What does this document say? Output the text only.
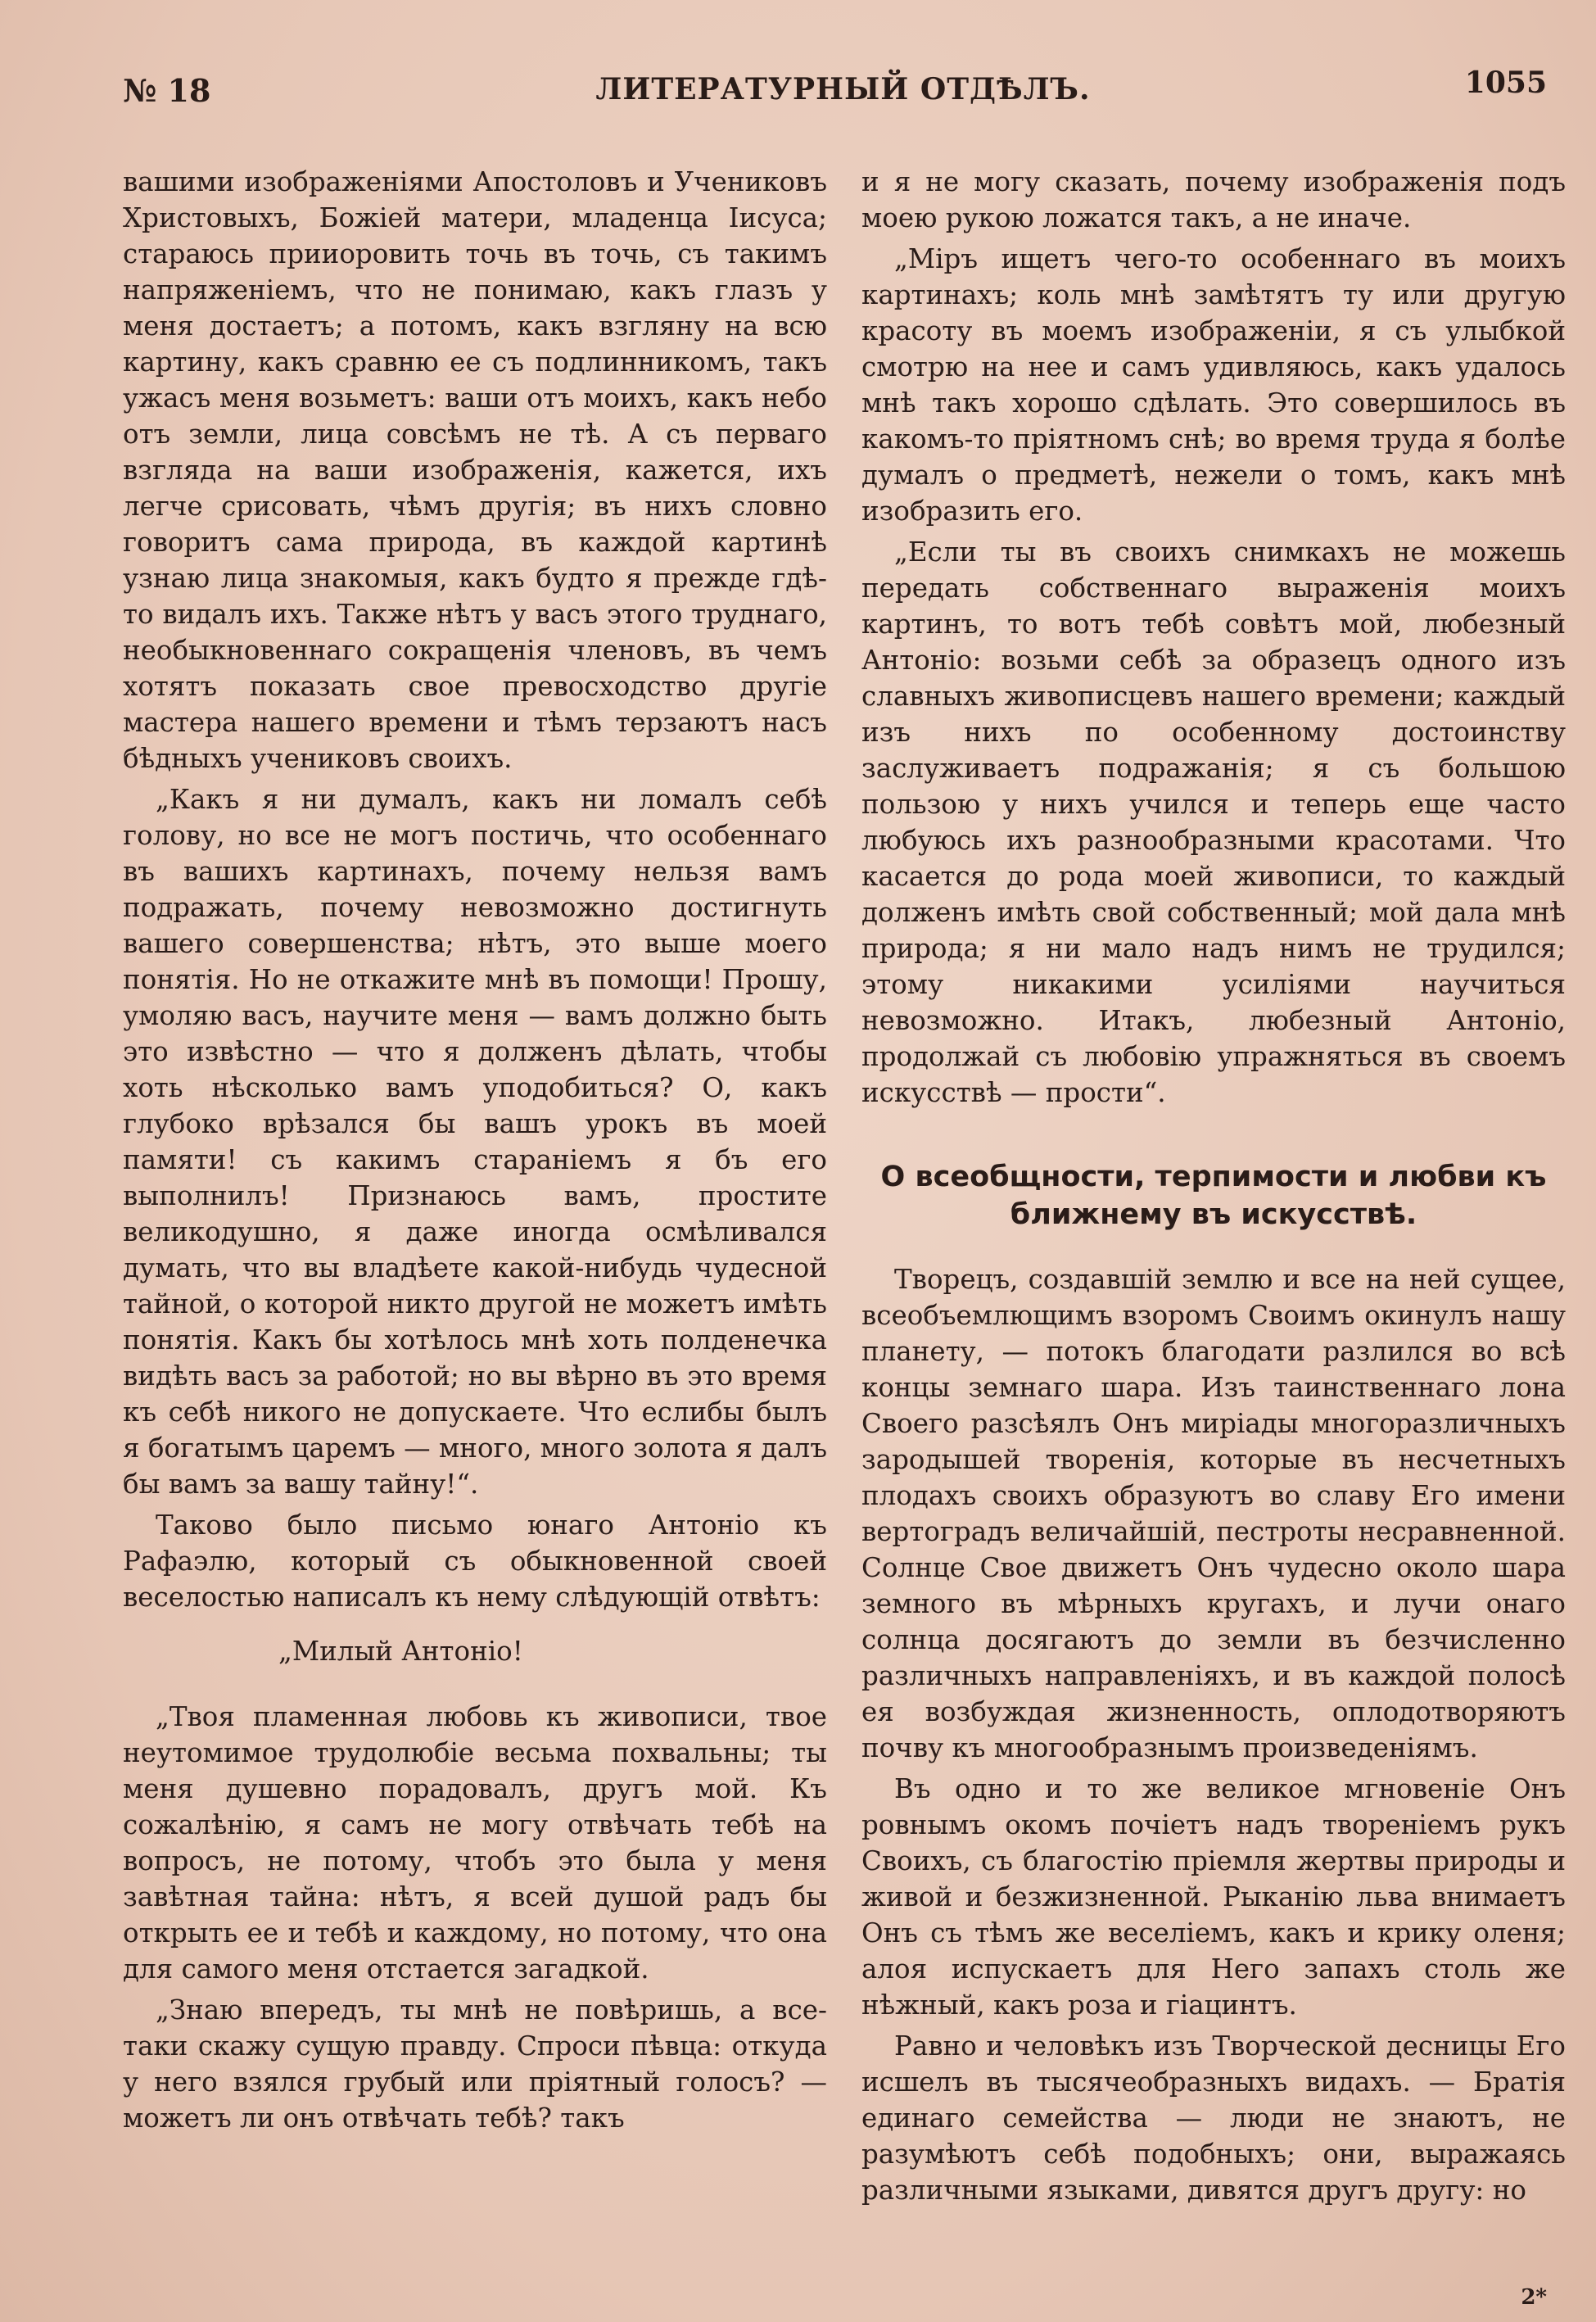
№ 18	ЛИТЕРАТУРНЫЙ ОТДѢЛЪ.	1055

вашими изображеніями Апостоловъ и Учениковъ Христовыхъ, Божіей матери, младенца Іисуса; стараюсь прииоровить точь въ точь, съ такимъ напряженіемъ, что не понимаю, какъ глазъ у меня достаетъ; а потомъ, какъ взгляну на всю картину, какъ сравню ее съ подлинникомъ, такъ ужасъ меня возьметъ: ваши отъ моихъ, какъ небо отъ земли, лица совсѣмъ не тѣ. А съ перваго взгляда на ваши изображенія, кажется, ихъ легче срисовать, чѣмъ другія; въ нихъ словно говоритъ сама природа, въ каждой картинѣ узнаю лица знакомыя, какъ будто я прежде гдѣ-то видалъ ихъ. Также нѣтъ у васъ этого труднаго, необыкновеннаго сокращенія членовъ, въ чемъ хотятъ показать свое превосходство другіе мастера нашего времени и тѣмъ терзаютъ насъ бѣдныхъ учениковъ своихъ.

„Какъ я ни думалъ, какъ ни ломалъ себѣ голову, но все не могъ постичь, что особеннаго въ вашихъ картинахъ, почему нельзя вамъ подражать, почему невозможно достигнуть вашего совершенства; нѣтъ, это выше моего понятія. Но не откажите мнѣ въ помощи! Прошу, умоляю васъ, научите меня — вамъ должно быть это извѣстно — что я долженъ дѣлать, чтобы хоть нѣсколько вамъ уподобиться? О, какъ глубоко врѣзался бы вашъ урокъ въ моей памяти! съ какимъ стараніемъ я бъ его выполнилъ! Признаюсь вамъ, простите великодушно, я даже иногда осмѣливался думать, что вы владѣете какой-нибудь чудесной тайной, о которой никто другой не можетъ имѣть понятія. Какъ бы хотѣлось мнѣ хоть полденечка видѣть васъ за работой; но вы вѣрно въ это время къ себѣ никого не допускаете. Что еслибы былъ я богатымъ царемъ — много, много золота я далъ бы вамъ за вашу тайну!“.

Таково было письмо юнаго Антоніо къ Рафаэлю, который съ обыкновенной своей веселостью написалъ къ нему слѣдующій отвѣтъ:

„Милый Антоніо!

„Твоя пламенная любовь къ живописи, твое неутомимое трудолюбіе весьма похвальны; ты меня душевно порадовалъ, другъ мой. Къ сожалѣнію, я самъ не могу отвѣчать тебѣ на вопросъ, не потому, чтобъ это была у меня завѣтная тайна: нѣтъ, я всей душой радъ бы открыть ее и тебѣ и каждому, но потому, что она для самого меня отстается загадкой.

„Знаю впередъ, ты мнѣ не повѣришь, а все-таки скажу сущую правду. Спроси пѣвца: откуда у него взялся грубый или пріятный голосъ? — можетъ ли онъ отвѣчать тебѣ? такъ

и я не могу сказать, почему изображенія подъ моею рукою ложатся такъ, а не иначе.

„Міръ ищетъ чего-то особеннаго въ моихъ картинахъ; коль мнѣ замѣтятъ ту или другую красоту въ моемъ изображеніи, я съ улыбкой смотрю на нее и самъ удивляюсь, какъ удалось мнѣ такъ хорошо сдѣлать. Это совершилось въ какомъ-то пріятномъ снѣ; во время труда я болѣе думалъ о предметѣ, нежели о томъ, какъ мнѣ изобразить его.

„Если ты въ своихъ снимкахъ не можешь передать собственнаго выраженія моихъ картинъ, то вотъ тебѣ совѣтъ мой, любезный Антоніо: возьми себѣ за образецъ одного изъ славныхъ живописцевъ нашего времени; каждый изъ нихъ по особенному достоинству заслуживаетъ подражанія; я съ большою пользою у нихъ учился и теперь еще часто любуюсь ихъ разнообразными красотами. Что касается до рода моей живописи, то каждый долженъ имѣть свой собственный; мой дала мнѣ природа; я ни мало надъ нимъ не трудился; этому никакими усиліями научиться невозможно. Итакъ, любезный Антоніо, продолжай съ любовію упражняться въ своемъ искусствѣ — прости“.

О всеобщности, терпимости и любви къ ближнему въ искусствѣ.

Творецъ, создавшій землю и все на ней сущее, всеобъемлющимъ взоромъ Своимъ окинулъ нашу планету, — потокъ благодати разлился во всѣ концы земнаго шара. Изъ таинственнаго лона Своего разсѣялъ Онъ миріады многоразличныхъ зародышей творенія, которые въ несчетныхъ плодахъ своихъ образуютъ во славу Его имени вертоградъ величайшій, пестроты несравненной. Солнце Свое движетъ Онъ чудесно около шара земного въ мѣрныхъ кругахъ, и лучи онаго солнца досягаютъ до земли въ безчисленно различныхъ направленіяхъ, и въ каждой полосѣ ея возбуждая жизненность, оплодотворяютъ почву къ многообразнымъ произведеніямъ.

Въ одно и то же великое мгновеніе Онъ ровнымъ окомъ почіетъ надъ твореніемъ рукъ Своихъ, съ благостію пріемля жертвы природы и живой и безжизненной. Рыканію льва внимаетъ Онъ съ тѣмъ же веселіемъ, какъ и крику оленя; алоя испускаетъ для Него запахъ столь же нѣжный, какъ роза и гіацинтъ.

Равно и человѣкъ изъ Творческой десницы Его исшелъ въ тысячеобразныхъ видахъ. — Братія единаго семейства — люди не знаютъ, не разумѣютъ себѣ подобныхъ; они, выражаясь различными языками, дивятся другъ другу: но

2*
